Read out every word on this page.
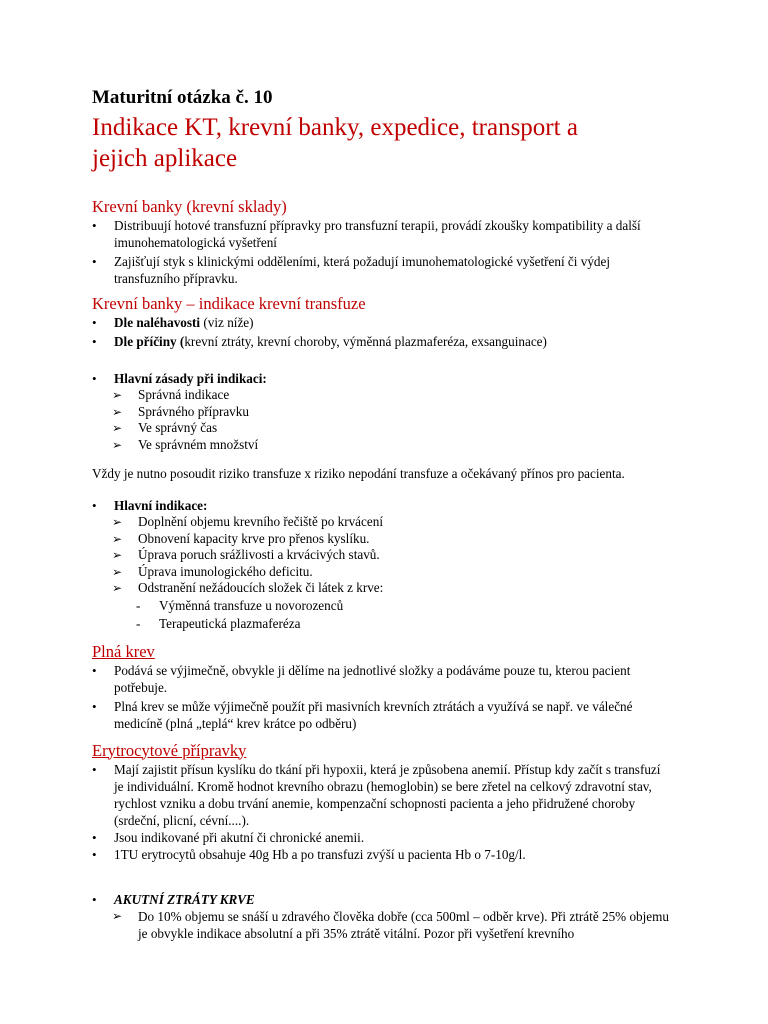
Maturitní otázka č. 10
Indikace KT, krevní banky, expedice, transport a
jejich aplikace
Krevní banky (krevní sklady)
• Distribuují hotové transfuzní přípravky pro transfuzní terapii, provádí zkoušky kompatibility a další imunohematologická vyšetření
• Zajišťují styk s klinickými odděleními, která požadují imunohematologické vyšetření či výdej transfuzního přípravku.
Krevní banky – indikace krevní transfuze
• Dle naléhavosti (viz níže)
• Dle příčiny (krevní ztráty, krevní choroby, výměnná plazmaferéza, exsanguinace)
• Hlavní zásady při indikaci:
➢ Správná indikace
➢ Správného přípravku
➢ Ve správný čas
➢ Ve správném množství
Vždy je nutno posoudit riziko transfuze x riziko nepodání transfuze a očekávaný přínos pro pacienta.
• Hlavní indikace:
➢ Doplnění objemu krevního řečiště po krvácení
➢ Obnovení kapacity krve pro přenos kyslíku.
➢ Úprava poruch srážlivosti a krvácivých stavů.
➢ Úprava imunologického deficitu.
➢ Odstranění nežádoucích složek či látek z krve:
- Výměnná transfuze u novorozenců
- Terapeutická plazmaferéza
Plná krev
• Podává se výjimečně, obvykle ji dělíme na jednotlivé složky a podáváme pouze tu, kterou pacient potřebuje.
• Plná krev se může výjimečně použít při masivních krevních ztrátách a využívá se např. ve válečné medicíně (plná „teplá“ krev krátce po odběru)
Erytrocytové přípravky
• Mají zajistit přísun kyslíku do tkání při hypoxii, která je způsobena anemií. Přístup kdy začít s transfuzí je individuální. Kromě hodnot krevního obrazu (hemoglobin) se bere zřetel na celkový zdravotní stav, rychlost vzniku a dobu trvání anemie, kompenzační schopnosti pacienta a jeho přidružené choroby (srdeční, plicní, cévní....).
• Jsou indikované při akutní či chronické anemii.
• 1TU erytrocytů obsahuje 40g Hb a po transfuzi zvýší u pacienta Hb o 7-10g/l.
• AKUTNÍ ZTRÁTY KRVE
➢ Do 10% objemu se snáší u zdravého člověka dobře (cca 500ml – odběr krve). Při ztrátě 25% objemu je obvykle indikace absolutní a při 35% ztrátě vitální. Pozor při vyšetření krevního
